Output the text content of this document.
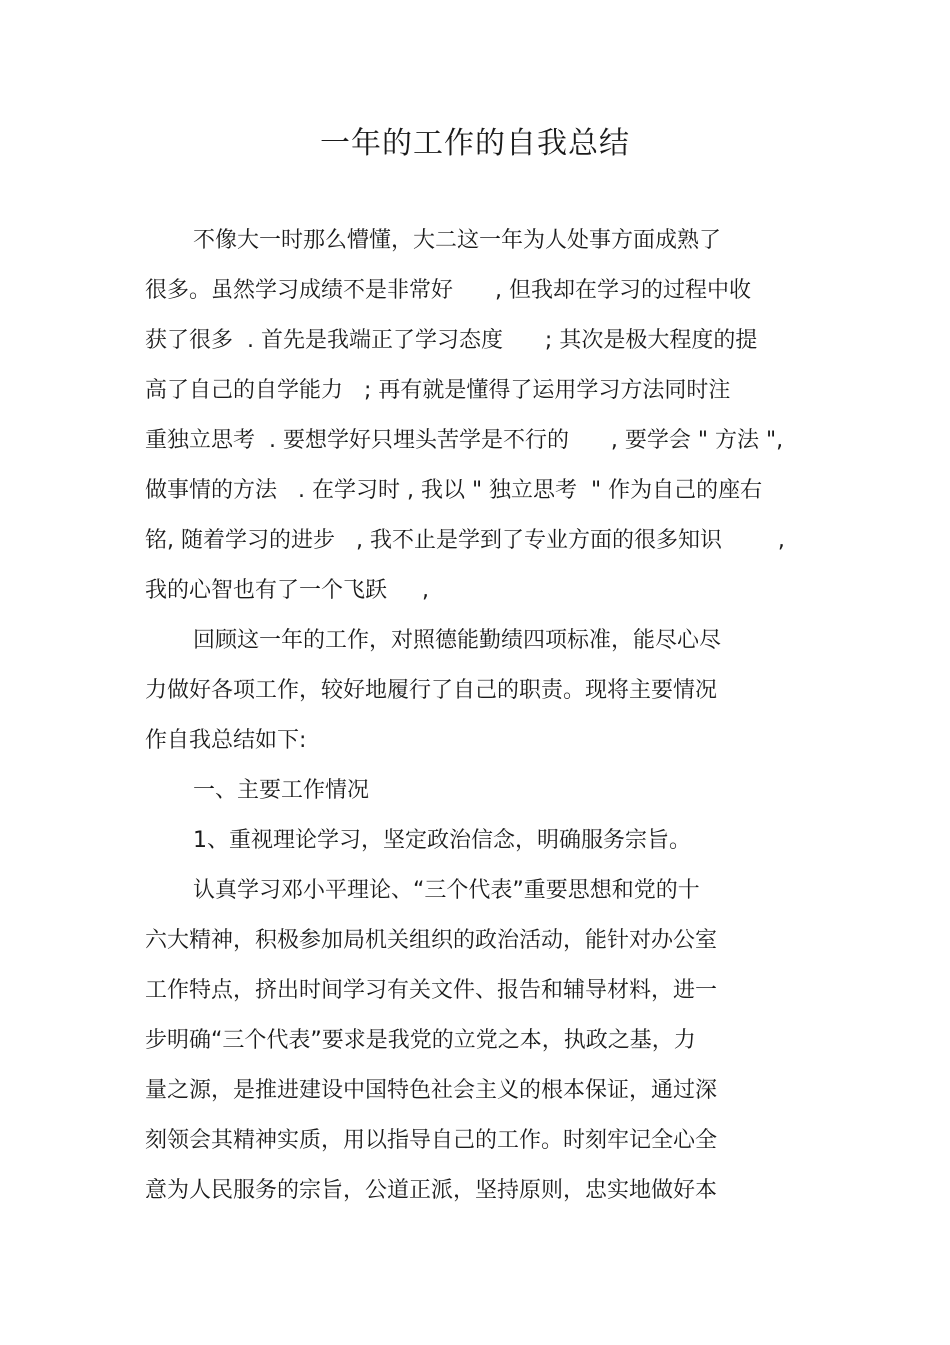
一年的工作的自我总结

不像大一时那么懵懂，大二这一年为人处事方面成熟了

很多。虽然学习成绩不是非常好      , 但我却在学习的过程中收

获了很多  . 首先是我端正了学习态度      ; 其次是极大程度的提

高了自己的自学能力   ; 再有就是懂得了运用学习方法同时注

重独立思考  . 要想学好只埋头苦学是不行的      , 要学会 " 方法 ",

做事情的方法   . 在学习时 , 我以 " 独立思考  " 作为自己的座右

铭, 随着学习的进步   , 我不止是学到了专业方面的很多知识        ,

我的心智也有了一个飞跃     ,

回顾这一年的工作，对照德能勤绩四项标准，能尽心尽

力做好各项工作，较好地履行了自己的职责。现将主要情况

作自我总结如下:

一、主要工作情况

1、重视理论学习，坚定政治信念，明确服务宗旨。

认真学习邓小平理论、“三个代表”重要思想和党的十

六大精神，积极参加局机关组织的政治活动，能针对办公室

工作特点，挤出时间学习有关文件、报告和辅导材料，进一

步明确“三个代表”要求是我党的立党之本，执政之基，力

量之源，是推进建设中国特色社会主义的根本保证，通过深

刻领会其精神实质，用以指导自己的工作。时刻牢记全心全

意为人民服务的宗旨，公道正派，坚持原则，忠实地做好本
